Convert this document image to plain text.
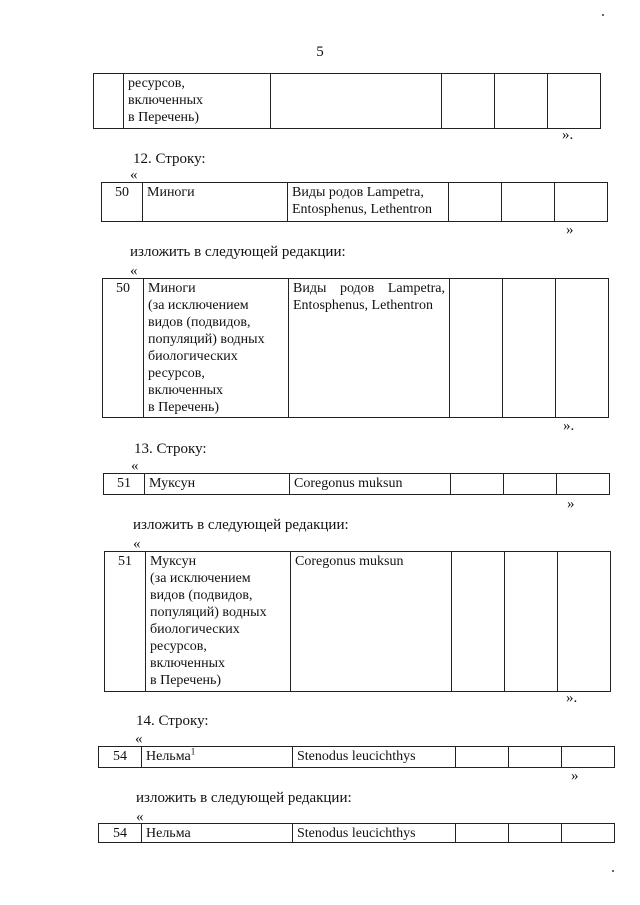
5
	ресурсов,
включенных
в Перечень)				
».
12. Строку:
«
50	Миноги	Виды родов Lampetra, Entosphenus, Lethentron			
»
изложить в следующей редакции:
«
50	Миноги
(за исключением
видов (подвидов,
популяций) водных
биологических
ресурсов,
включенных
в Перечень)	Виды родов Lampetra, Entosphenus, Lethentron			
».
13. Строку:
«
51	Муксун	Coregonus muksun			
»
изложить в следующей редакции:
«
51	Муксун
(за исключением
видов (подвидов,
популяций) водных
биологических
ресурсов,
включенных
в Перечень)	Coregonus muksun			
».
14. Строку:
«
54	Нельма$^1$	Stenodus leucichthys			
»
изложить в следующей редакции:
«
54	Нельма	Stenodus leucichthys			
